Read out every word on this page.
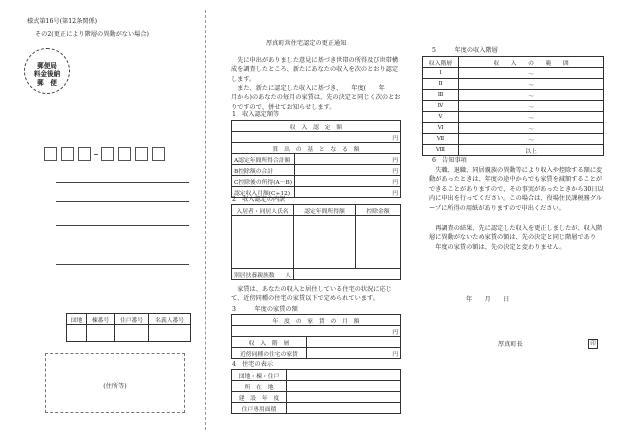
様式第16号(第12条関係)
その2(更正により階層の異動がない場合)
郵便局
料金後納
郵　便
団地	棟番号	住戸番号	名義人番号

(住所等)
厚真町営住宅認定の更正通知
先に申出がありました意見に基づき世帯の所得及び世帯構成を調査したところ、新たにあなたの収入を次のとおり認定します。
また、新たに認定した収入に基づき、　　年度(　　年　　月から)のあなたの毎月の家賃は、先の決定と同じく次のとおりですので、併せてお知らせします。
1　収入認定額等
収　入　認　定　額	
円	
算　出　の　基　と　な　る　額	
A認定年間所得合計額	円
B控除額の合計	円
C控除後の所得(A－B)	円
認定収入月額(C÷12)	円
2　収入認定の内訳
入居者・同居人氏名	認定年間所得額	控除金額

別居扶養親族数 人		

家賃は、あなたの収入と居住している住宅の状況に応じて、近傍同種の住宅の家賃以下で定められています。
3　　　年度の家賃の額
年　度　の　家　賃　の　月　額	
円	
収　入　階　層	
近傍同種の住宅の家賃	円
4　住宅の表示
団地・棟・住戸	
所　在　地	
建　設　年　度	
住戸専用面積	
5　　　年度の収入階層
収入階層	収　　入　　の　　範　　囲
Ⅰ	～
Ⅱ	～
Ⅲ	～
Ⅳ	～
Ⅴ	～
Ⅵ	～
Ⅶ	～
Ⅷ	以上
6　告知事項
失職、退職、同居親族の異動等により収入や控除する額に変動があったときは、年度の途中からでも家賃を減額することができることがありますので、その事実があったときから30日以内に申出を行ってください。この場合は、役場住民課税務グループに所得の用紙がありますので申出ください。
再調査の結果、先に認定した収入を更正しましたが、収入階層に異動がないため家賃の額は、先の決定と同じ階層であり
年度の家賃の額は、先の決定と変わりません。
年　　月　　日
厚真町長	印
